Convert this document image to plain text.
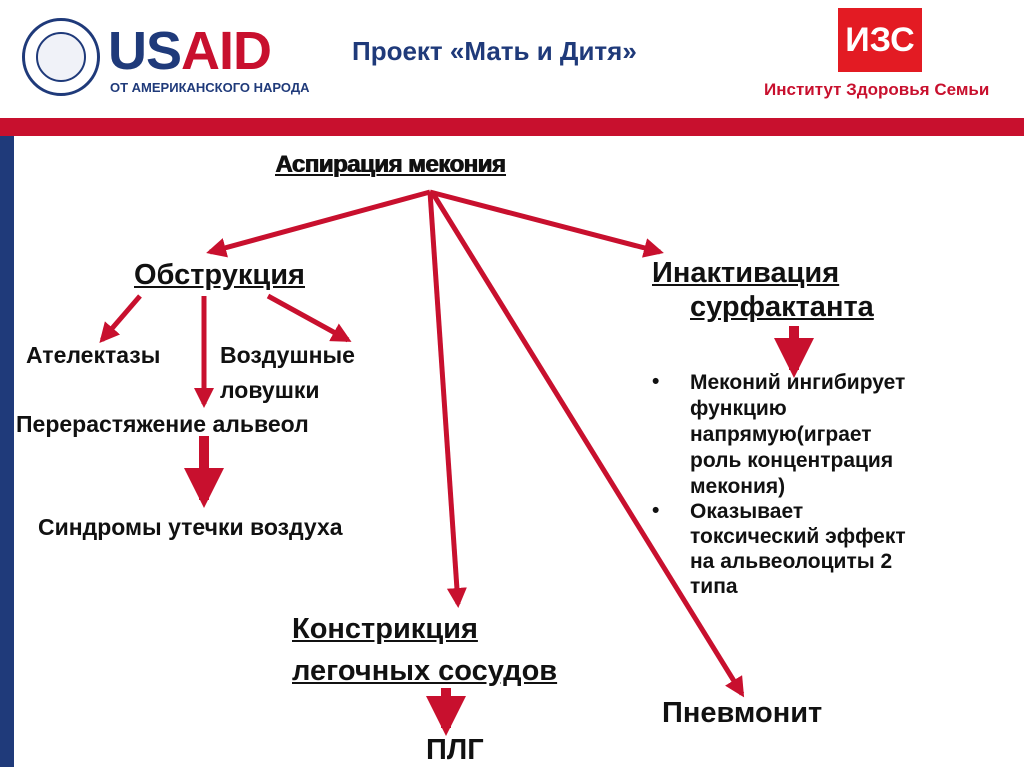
USAID
ОТ АМЕРИКАНСКОГО НАРОДА
Проект «Мать и Дитя»	ИЗС
Институт Здоровья Семьи
Аспирация мекония
Обструкция
Ателектазы	Воздушные
ловушки
Перерастяжение альвеол
Синдромы утечки воздуха
Инактивация
сурфактанта
• Меконий ингибирует
функцию
напрямую(играет
роль концентрация
мекония)
• Оказывает
токсический эффект
на альвеолоциты 2
типа
Констрикция
легочных сосудов
ПЛГ
Пневмонит
